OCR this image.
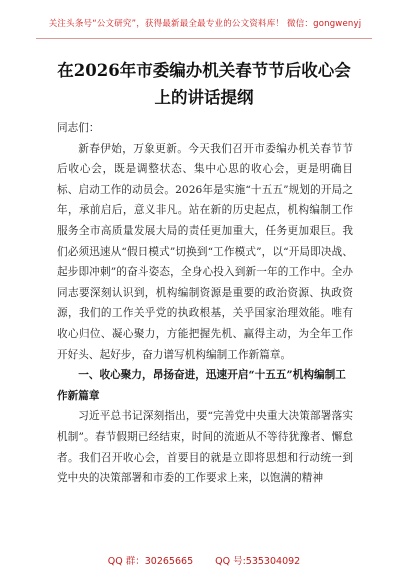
关注头条号“公文研究”，获得最新最全最专业的公文资料库！ 微信：gongwenyj
在2026年市委编办机关春节节后收心会
上的讲话提纲

同志们：

新春伊始，万象更新。今天我们召开市委编办机关春节节后收心会，既是调整状态、集中心思的收心会，更是明确目标、启动工作的动员会。2026年是实施“十五五”规划的开局之年，承前启后，意义非凡。站在新的历史起点，机构编制工作服务全市高质量发展大局的责任更加重大，任务更加艰巨。我们必须迅速从“假日模式”切换到“工作模式”，以“开局即决战、起步即冲刺”的奋斗姿态，全身心投入到新一年的工作中。全办同志要深刻认识到，机构编制资源是重要的政治资源、执政资源，我们的工作关乎党的执政根基，关乎国家治理效能。唯有收心归位、凝心聚力，方能把握先机、赢得主动，为全年工作开好头、起好步，奋力谱写机构编制工作新篇章。

一、收心聚力，昂扬奋进，迅速开启“十五五”机构编制工作新篇章

习近平总书记深刻指出，要“完善党中央重大决策部署落实机制”。春节假期已经结束，时间的流逝从不等待犹豫者、懈怠者。我们召开收心会，首要目的就是立即将思想和行动统一到党中央的决策部署和市委的工作要求上来，以饱满的精神

QQ 群：30265665 QQ 号:535304092
